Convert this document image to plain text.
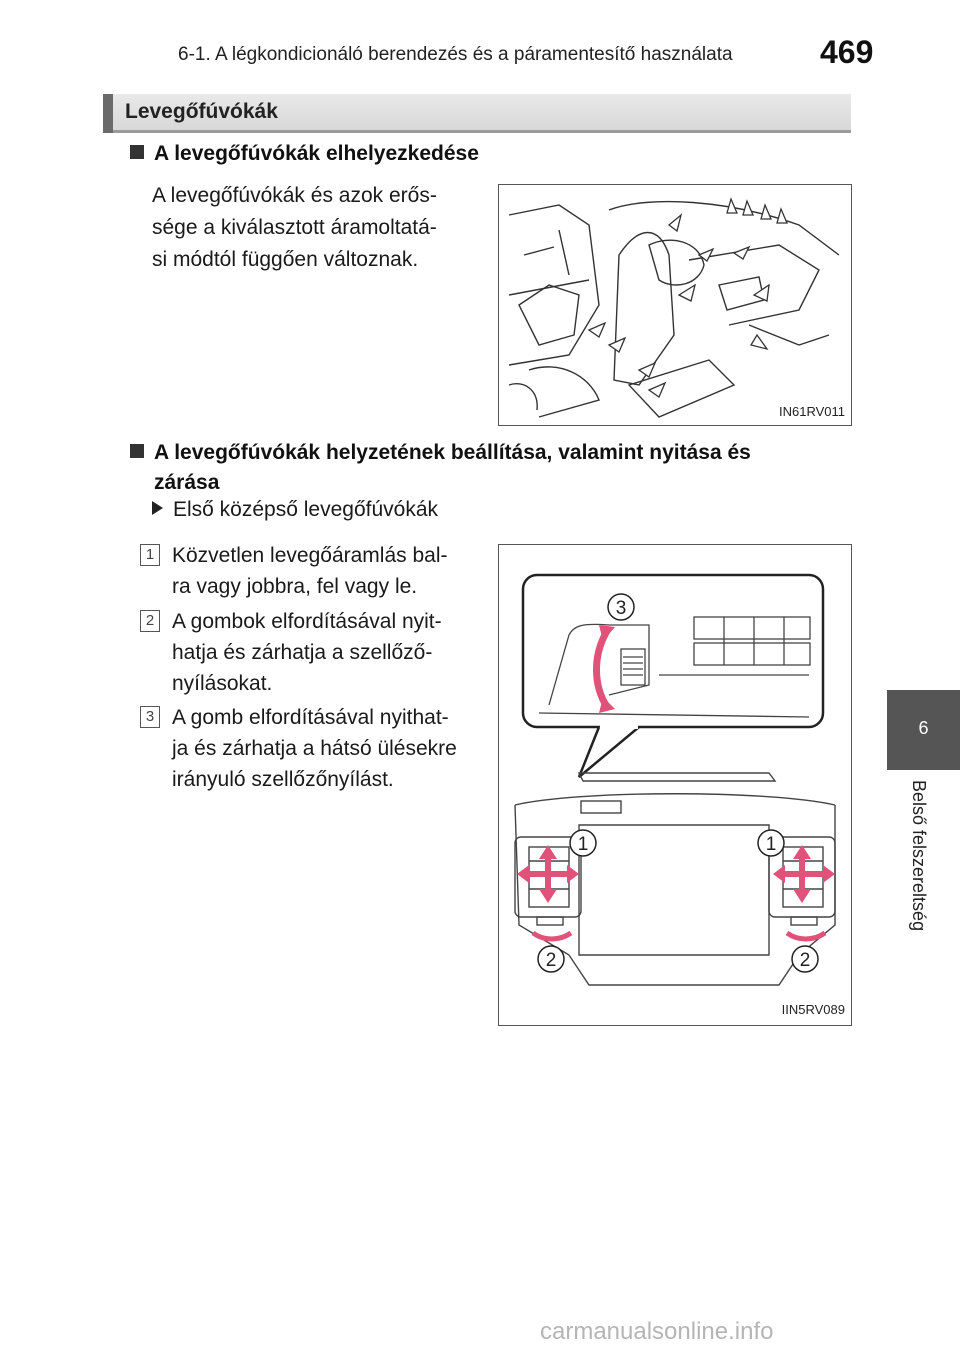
6-1. A légkondicionáló berendezés és a páramentesítő használata	469
Levegőfúvókák
A levegőfúvókák elhelyezkedése
A levegőfúvókák és azok erős-
sége a kiválasztott áramoltatá-
si módtól függően változnak.
IN61RV011
A levegőfúvókák helyzetének beállítása, valamint nyitása és
zárása
Első középső levegőfúvókák
1 Közvetlen levegőáramlás bal-
ra vagy jobbra, fel vagy le.
2 A gombok elfordításával nyit-
hatja és zárhatja a szellőző-
nyílásokat.
3 A gomb elfordításával nyithat-
ja és zárhatja a hátsó ülésekre
irányuló szellőzőnyílást.
3
1	1
2	2
IIN5RV089
6
Belső felszereltség
carmanualsonline.info
